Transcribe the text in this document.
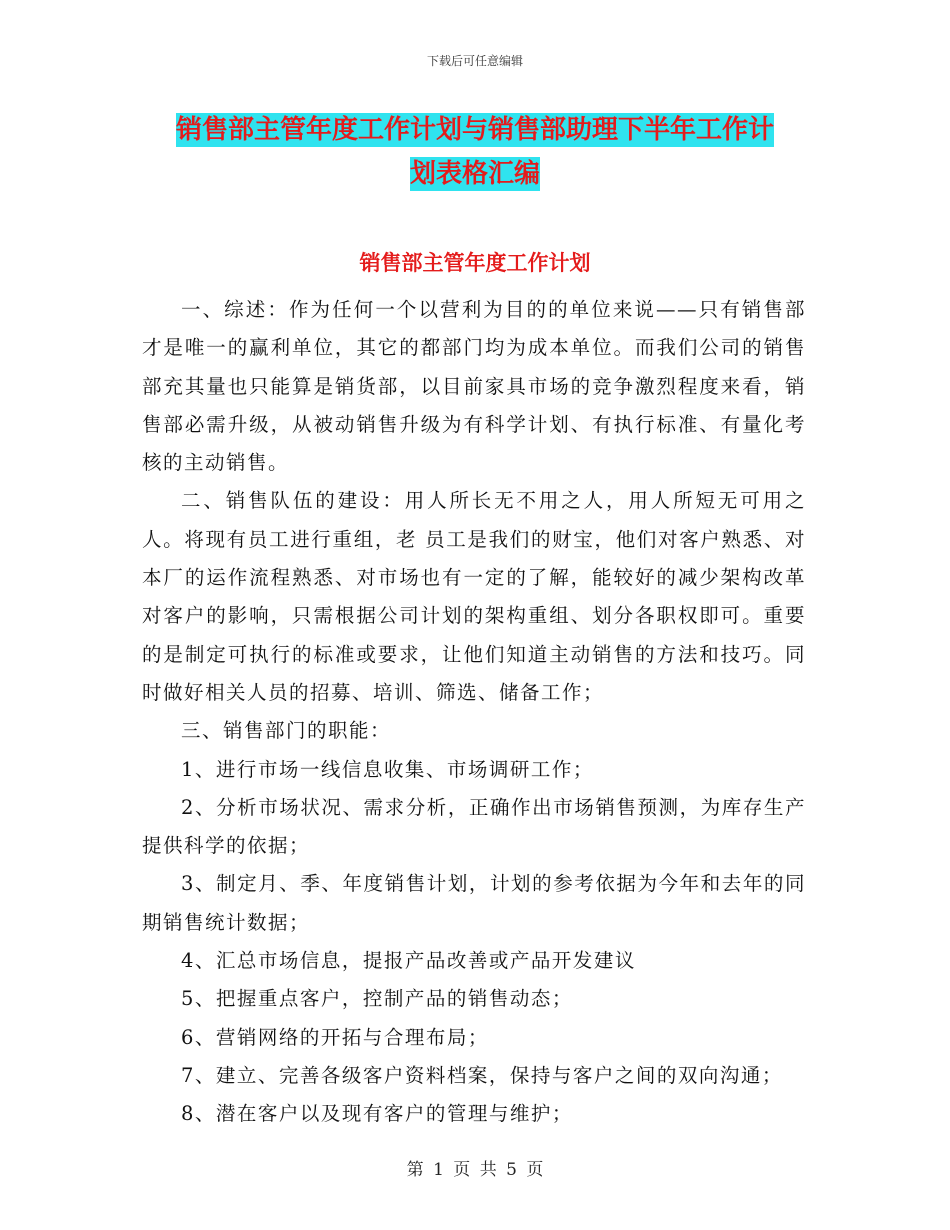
下载后可任意编辑
销售部主管年度工作计划与销售部助理下半年工作计
划表格汇编
销售部主管年度工作计划

一、综述：作为任何一个以营利为目的的单位来说——只有销售部才是唯一的赢利单位，其它的都部门均为成本单位。而我们公司的销售部充其量也只能算是销货部，以目前家具市场的竞争激烈程度来看，销售部必需升级，从被动销售升级为有科学计划、有执行标准、有量化考核的主动销售。

二、销售队伍的建设：用人所长无不用之人，用人所短无可用之人。将现有员工进行重组，老 员工是我们的财宝，他们对客户熟悉、对本厂的运作流程熟悉、对市场也有一定的了解，能较好的减少架构改革对客户的影响，只需根据公司计划的架构重组、划分各职权即可。重要的是制定可执行的标准或要求，让他们知道主动销售的方法和技巧。同时做好相关人员的招募、培训、筛选、储备工作；

三、销售部门的职能：

1、进行市场一线信息收集、市场调研工作；

2、分析市场状况、需求分析，正确作出市场销售预测，为库存生产提供科学的依据；

3、制定月、季、年度销售计划，计划的参考依据为今年和去年的同期销售统计数据；

4、汇总市场信息，提报产品改善或产品开发建议

5、把握重点客户，控制产品的销售动态；

6、营销网络的开拓与合理布局；

7、建立、完善各级客户资料档案，保持与客户之间的双向沟通；

8、潜在客户以及现有客户的管理与维护；

第 1 页 共 5 页
